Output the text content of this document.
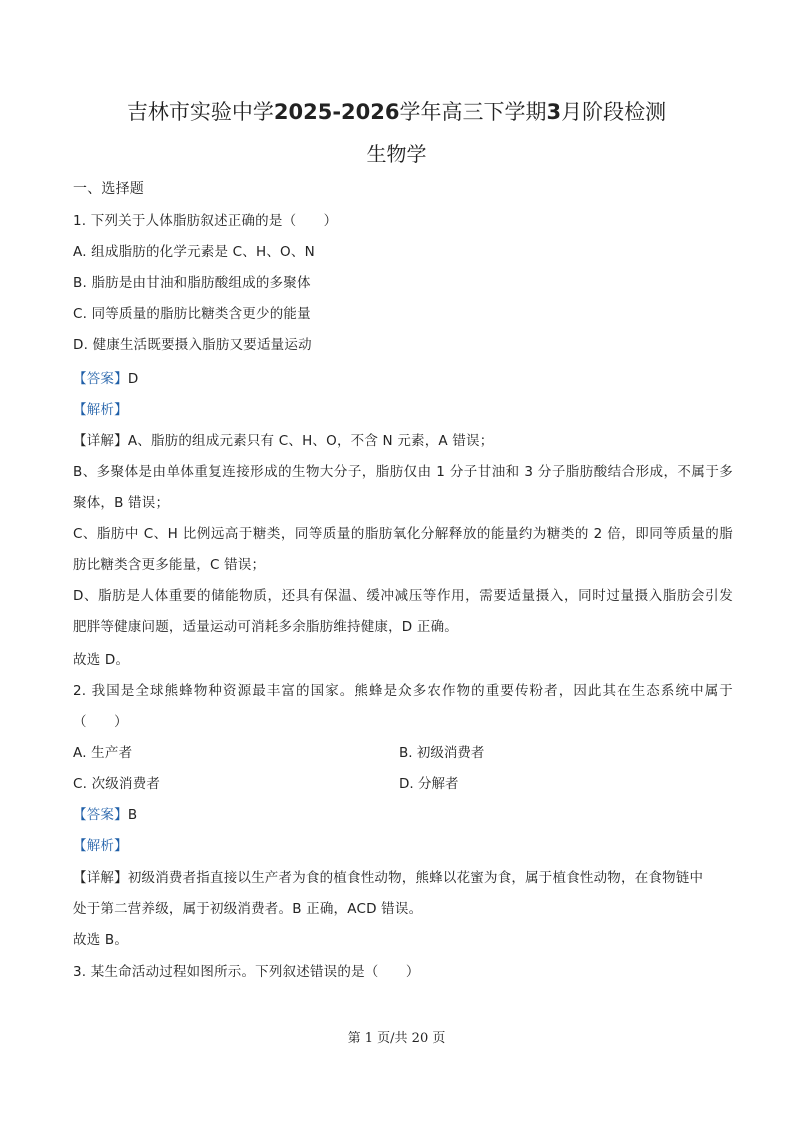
吉林市实验中学2025-2026学年高三下学期3月阶段检测
生物学
一、选择题
1. 下列关于人体脂肪叙述正确的是（　　）
A. 组成脂肪的化学元素是 C、H、O、N
B. 脂肪是由甘油和脂肪酸组成的多聚体
C. 同等质量的脂肪比糖类含更少的能量
D. 健康生活既要摄入脂肪又要适量运动
【答案】D
【解析】
【详解】A、脂肪的组成元素只有 C、H、O，不含 N 元素，A 错误；
B、多聚体是由单体重复连接形成的生物大分子，脂肪仅由 1 分子甘油和 3 分子脂肪酸结合形成，不属于多
聚体，B 错误；
C、脂肪中 C、H 比例远高于糖类，同等质量的脂肪氧化分解释放的能量约为糖类的 2 倍，即同等质量的脂
肪比糖类含更多能量，C 错误；
D、脂肪是人体重要的储能物质，还具有保温、缓冲减压等作用，需要适量摄入，同时过量摄入脂肪会引发
肥胖等健康问题，适量运动可消耗多余脂肪维持健康，D 正确。
故选 D。
2. 我国是全球熊蜂物种资源最丰富的国家。熊蜂是众多农作物的重要传粉者，因此其在生态系统中属于
（　　）
A. 生产者	B. 初级消费者
C. 次级消费者	D. 分解者
【答案】B
【解析】
【详解】初级消费者指直接以生产者为食的植食性动物，熊蜂以花蜜为食，属于植食性动物，在食物链中
处于第二营养级，属于初级消费者。B 正确，ACD 错误。
故选 B。
3. 某生命活动过程如图所示。下列叙述错误的是（　　）
第 1 页/共 20 页
